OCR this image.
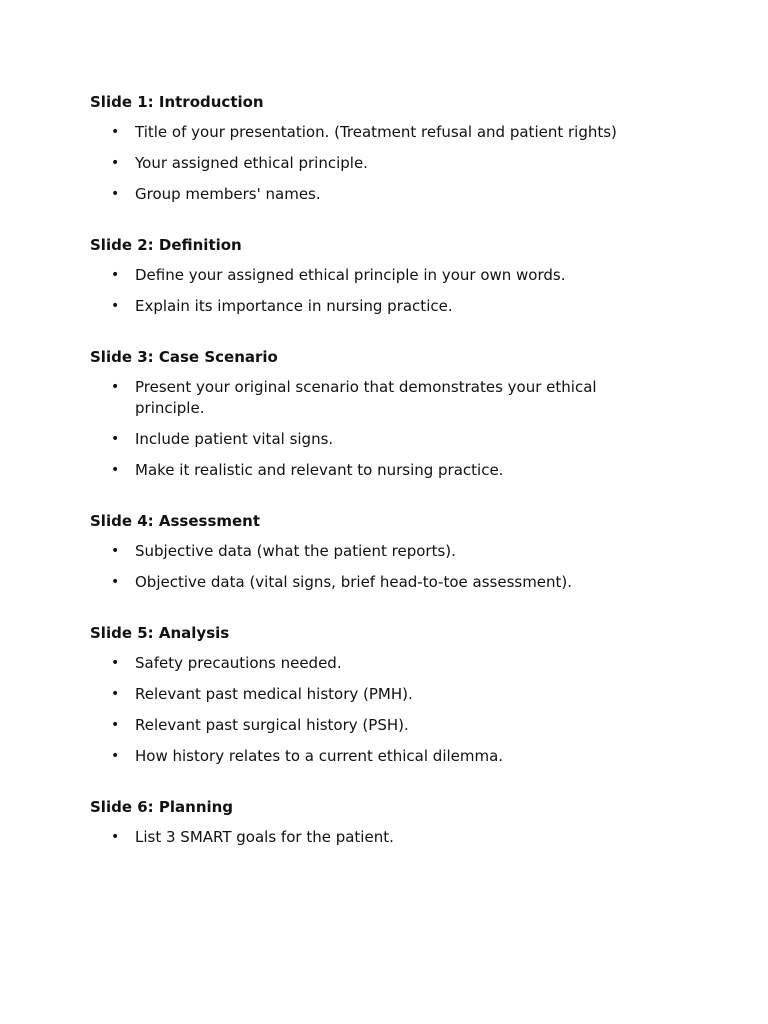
Slide 1: Introduction
• Title of your presentation. (Treatment refusal and patient rights)
• Your assigned ethical principle.
• Group members' names.
Slide 2: Definition
• Define your assigned ethical principle in your own words.
• Explain its importance in nursing practice.
Slide 3: Case Scenario
• Present your original scenario that demonstrates your ethical principle.
• Include patient vital signs.
• Make it realistic and relevant to nursing practice.
Slide 4: Assessment
• Subjective data (what the patient reports).
• Objective data (vital signs, brief head-to-toe assessment).
Slide 5: Analysis
• Safety precautions needed.
• Relevant past medical history (PMH).
• Relevant past surgical history (PSH).
• How history relates to a current ethical dilemma.
Slide 6: Planning
• List 3 SMART goals for the patient.
